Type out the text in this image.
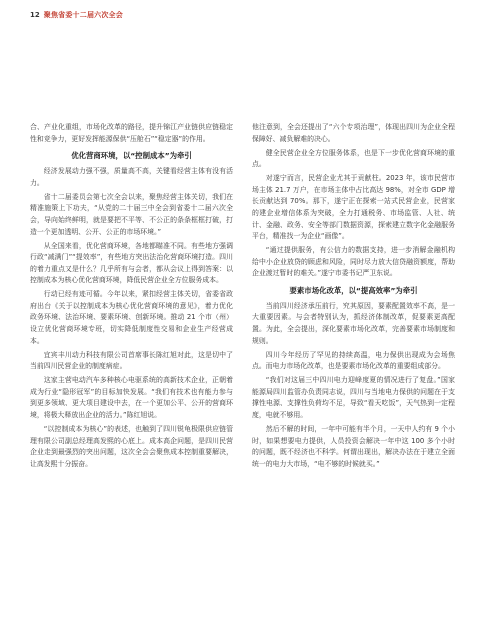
12 聚焦省委十二届六次全会

合、产业化重组，市场化改革的路径，提升锦江产业链供应链稳定性和竞争力，更好发挥能源保供“压舱石”“稳定器”的作用。

优化营商环境，以“控制成本”为牵引

经济发展动力强不强，质量高不高，关键看经营主体有没有活力。

省十二届委员会第七次全会以来，聚焦经营主体关切，我们在精准施策上下功夫，“从党的二十届三中全会到省委十二届六次全会，导向始终鲜明，就是要把不平等、不公正的条条框框打破，打造一个更加透明、公开、公正的市场环境。”

从全国来看，优化营商环境，各地都瞄准不同。有些地方强调行政“减满门”“提效率”，有些地方突出法治化营商环境打造。四川的着力重点又是什么？几乎所有与会者，都从会议上得到答案：以控制成本为核心优化营商环境，降低民营企业全方位服务成本。

行动已经有迹可循。今年以来，紧扣经营主体关切，省委省政府出台《关于以控制成本为核心优化营商环境的意见》，着力优化政务环境、法治环境、要素环境、创新环境。推动 21 个市（州）设立优化营商环境专班，切实降低制度性交易和企业生产经营成本。

宜宾丰川动力科技有限公司首席事长陈红旭对此，这是切中了当前四川民营企业的制度病症。

这家主营电动汽车多种核心电驱系统的高新技术企业，正朝着成为行业“隐形冠军”的目标加快发展。“我们有技术也有能力参与到更多领域、更大项目建设中去，在一个更加公平、公开的营商环境，将极大释放出企业的活力。”陈红旭说。

“以控制成本为核心”的表述，也触到了四川锐龟极限供应链管理有限公司副总经理高发熙的心底上。成本高企问题，是四川民营企业走到最强烈的突出问题，这次全会会聚焦成本控制重要解决，让高发熙十分振奋。

他注意到，全会还提出了“六个专项治理”，体现出四川为企业全程保障好、减负解难的决心。

健全民营企业全方位服务体系，也是下一步优化营商环境的重点。

对遂宁而言，民营企业尤其于贡献柱。2023 年，该市民营市场主体 21.7 万户，在市场主体中占比高达 98%，对全市 GDP 增长贡献达到 70%。那下，遂宁正在探索一站式民营企业，民营家的建企业增信体系为突破，全力打通税务、市场监管、人社、统计、金融、政务、安全等部门数据资源，探索建立数字化金融服务平台，精准找一为企业“画像”。

“通过提供服务，有公信力的数据支持，进一步消解金融机构给中小企业放贷的顾虑和风险，同时尽力放大信贷融资额度，帮助企业渡过暂时的难关。”遂宁市委书记严卫东说。

要素市场化改革，以“提高效率”为牵引

当前四川经济承压前行，究其原因，要素配置效率不高，是一大重要因素。与会者特别认为，抓经济体制改革，促要素更高配置。为此，全会提出，深化要素市场化改革，完善要素市场制度和规则。

四川今年经历了罕见的持续高温，电力保供出现成为会场焦点。而电力市场化改革，也是要素市场化改革的重要组成部分。

“我们对这届三中四川电力迎峰度夏的情况进行了复盘。”国家能源局四川监管办负责同志说，四川与当地电力保供的问题在于支撑性电源、支撑性负荷均不足，导致“看天吃饭”，天气热到一定程度，电就不够用。

然后不解的时间，一年中可能有半个月，一天中人约有 9 个小时，如果想要电力提供，人员投资会解决一年中这 100 多个小时的问题，既不经济也不科学。何谓出现出，解决办法在于建立全面统一的电力大市场，“电不够的时候就买。”
